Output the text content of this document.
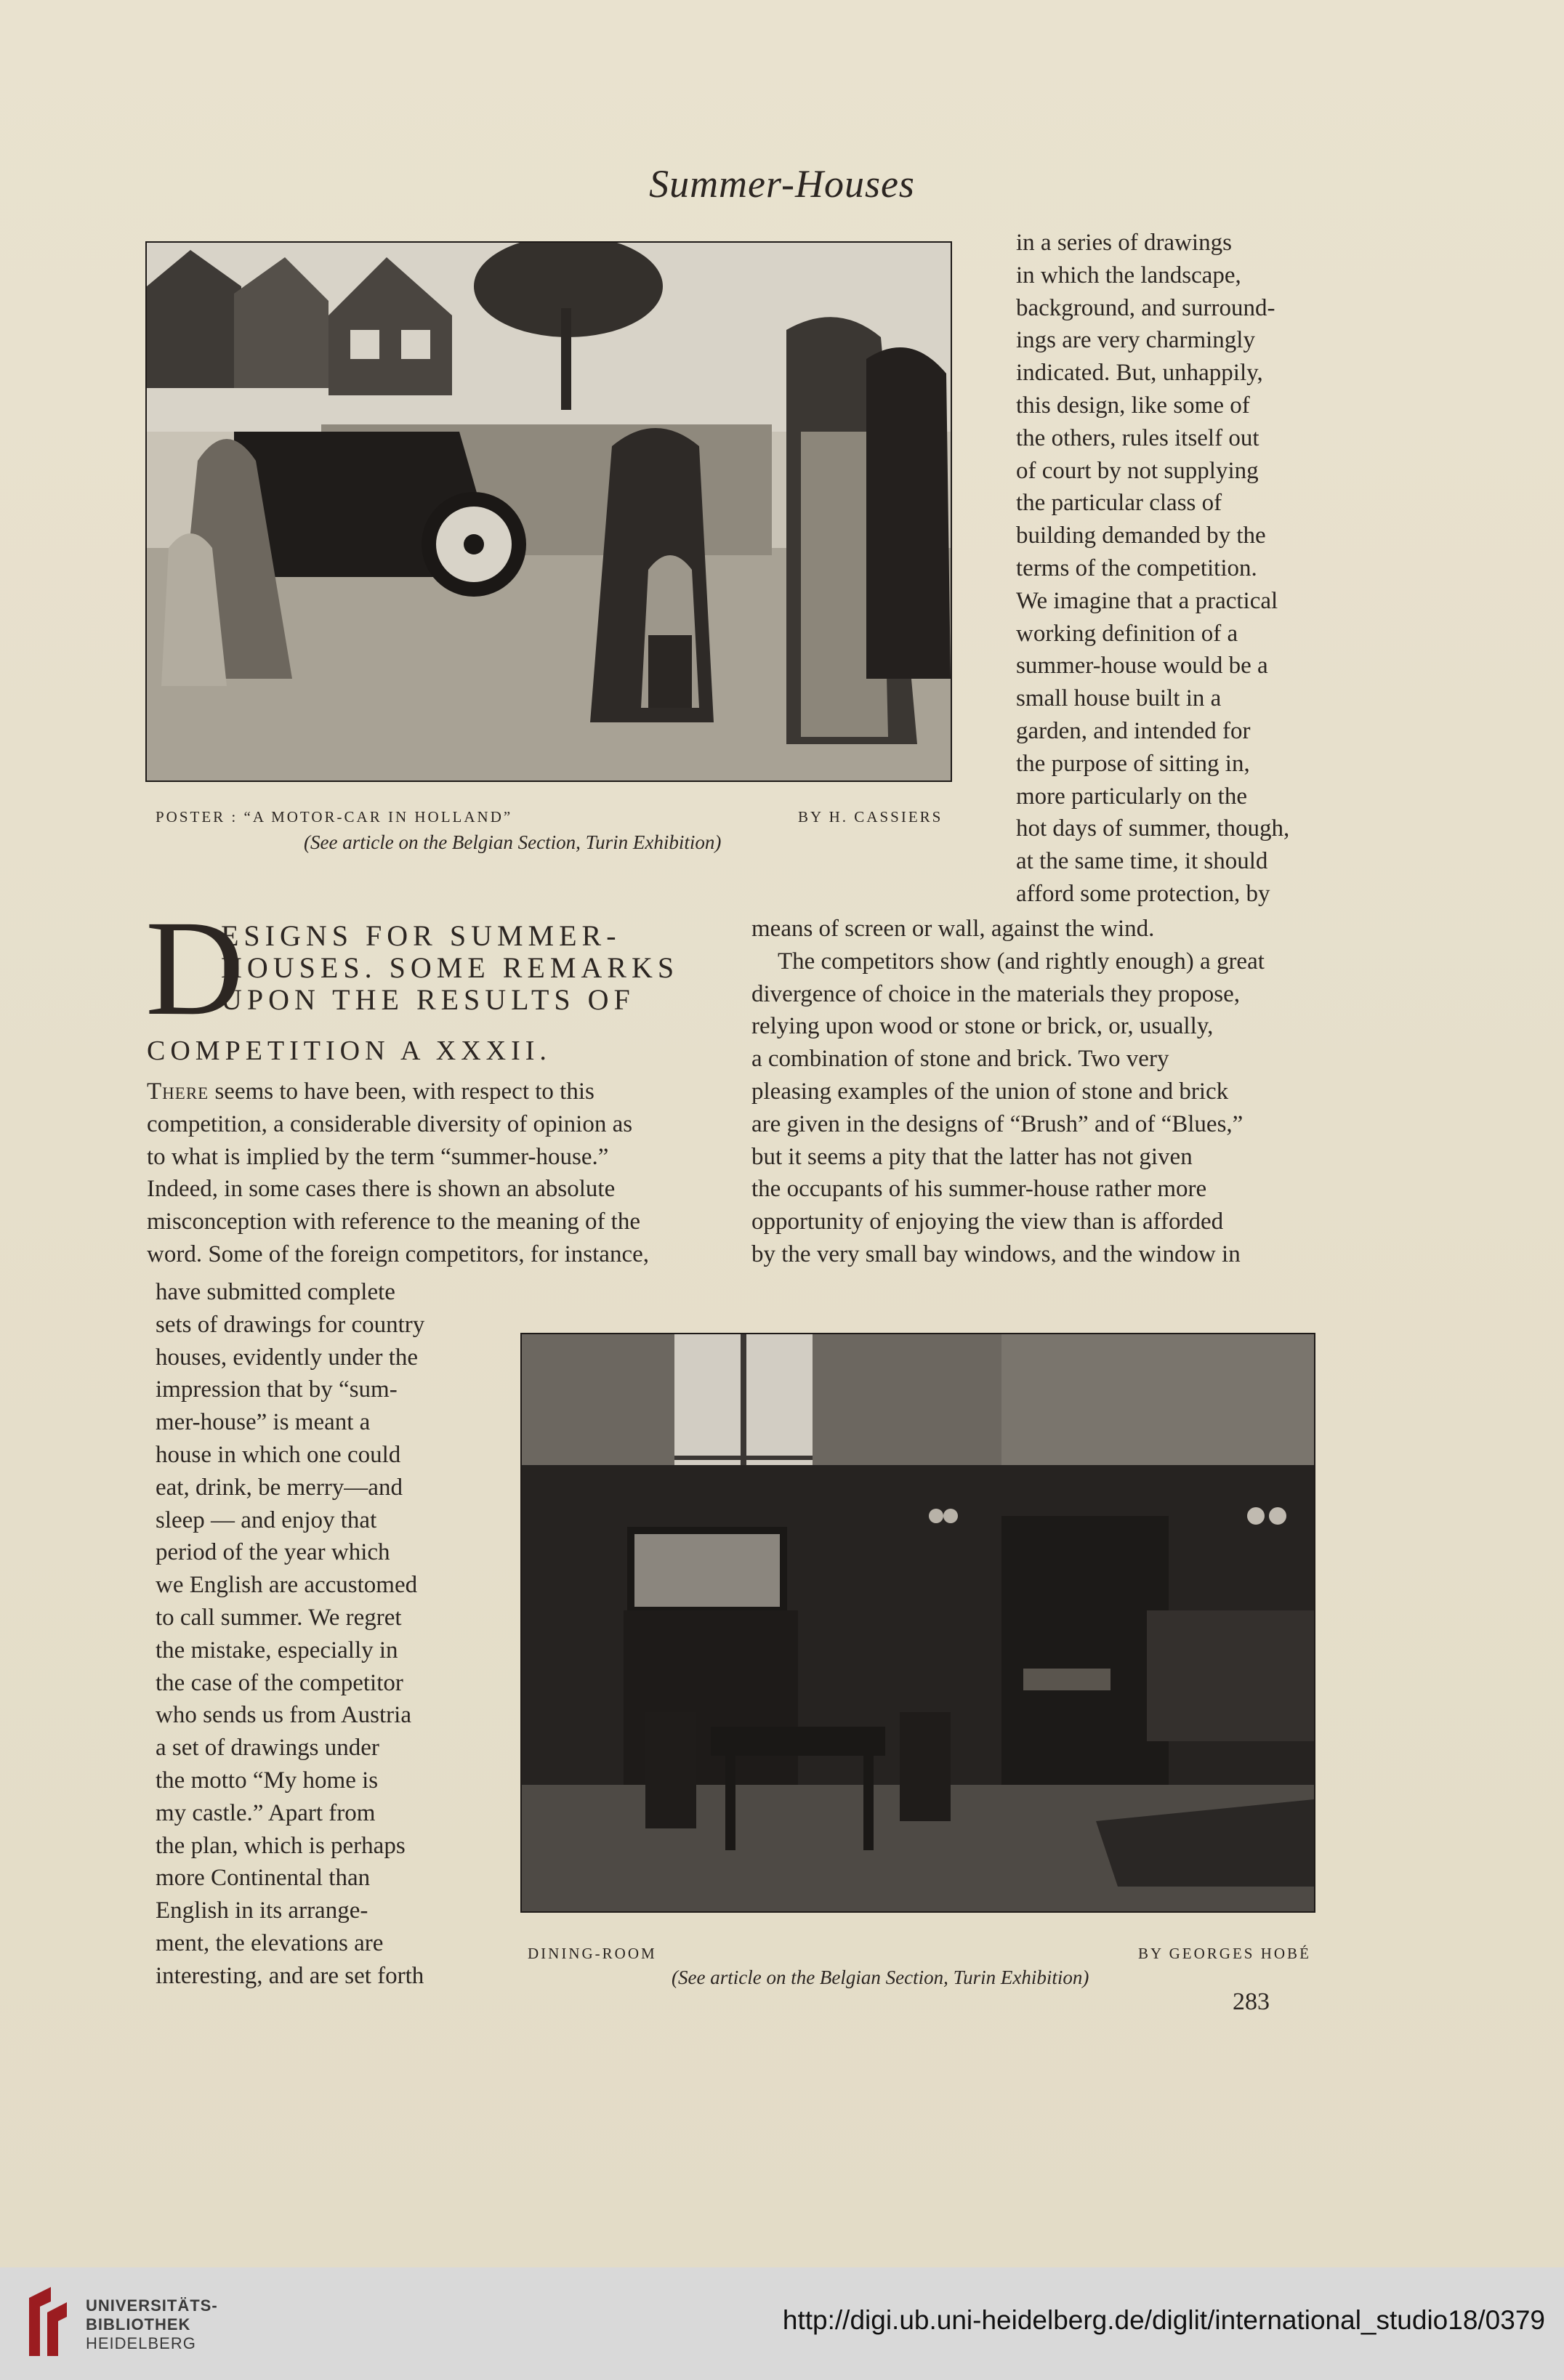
Summer-Houses
POSTER : “A MOTOR-CAR IN HOLLAND”	BY H. CASSIERS
(See article on the Belgian Section, Turin Exhibition)
in a series of drawings
in which the landscape,
background, and surround-
ings are very charmingly
indicated. But, unhappily,
this design, like some of
the others, rules itself out
of court by not supplying
the particular class of
building demanded by the
terms of the competition.
We imagine that a practical
working definition of a
summer-house would be a
small house built in a
garden, and intended for
the purpose of sitting in,
more particularly on the
hot days of summer, though,
at the same time, it should
afford some protection, by
D
ESIGNS FOR SUMMER-
HOUSES. SOME REMARKS
UPON THE RESULTS OF
COMPETITION A XXXII.
There seems to have been, with respect to this
competition, a considerable diversity of opinion as
to what is implied by the term “summer-house.”
Indeed, in some cases there is shown an absolute
misconception with reference to the meaning of the
word. Some of the foreign competitors, for instance,
have submitted complete
sets of drawings for country
houses, evidently under the
impression that by “sum-
mer-house” is meant a
house in which one could
eat, drink, be merry—and
sleep — and enjoy that
period of the year which
we English are accustomed
to call summer. We regret
the mistake, especially in
the case of the competitor
who sends us from Austria
a set of drawings under
the motto “My home is
my castle.” Apart from
the plan, which is perhaps
more Continental than
English in its arrange-
ment, the elevations are
interesting, and are set forth
means of screen or wall, against the wind.
The competitors show (and rightly enough) a great
divergence of choice in the materials they propose,
relying upon wood or stone or brick, or, usually,
a combination of stone and brick. Two very
pleasing examples of the union of stone and brick
are given in the designs of “Brush” and of “Blues,”
but it seems a pity that the latter has not given
the occupants of his summer-house rather more
opportunity of enjoying the view than is afforded
by the very small bay windows, and the window in
DINING-ROOM	BY GEORGES HOBÉ
(See article on the Belgian Section, Turin Exhibition)
283
UNIVERSITÄTS-
BIBLIOTHEK
HEIDELBERG
http://digi.ub.uni-heidelberg.de/diglit/international_studio18/0379
